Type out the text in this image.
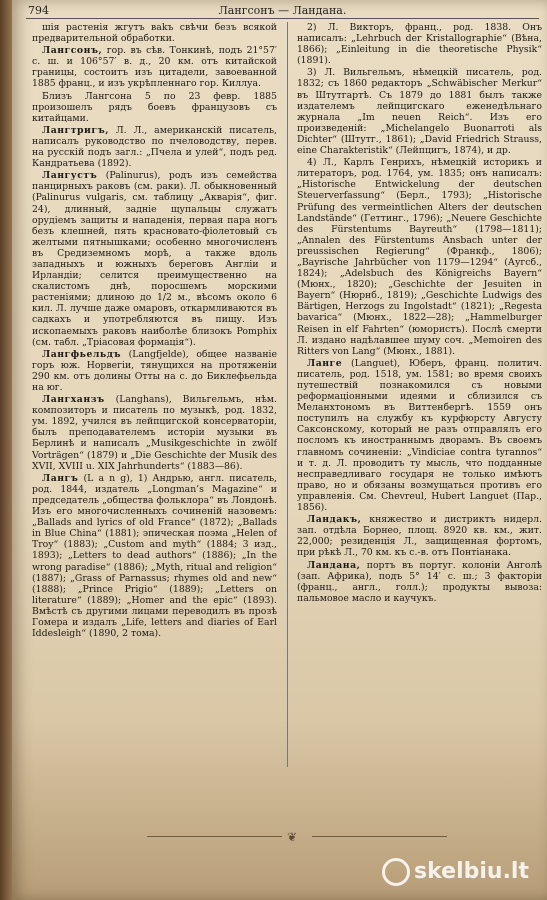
794	Лангсонъ — Ландана.

шія растенія жгутъ ваkъ свѣчи безъ всякой предварительной обработки.

Лангсонъ, гор. въ сѣв. Тонкинѣ, подъ 21°57′ с. ш. и 106°57′ в. д., 20 км. отъ китайской границы, состоитъ изъ цитадели, завоеванной 1885 франц., и изъ укрѣпленнаго гор. Киллуа.

Близъ Лангсона 5 по 23 февр. 1885 произошелъ рядъ боевъ французовъ съ китайцами.

Лангтригъ, Л. Л., американскій писатель, написалъ руководство по пчеловодству, перев. на русскій подъ загл.: „Пчела и улей“, подъ ред. Кандратьева (1892).

Лангустъ (Palinurus), родъ изъ семейства панцирныхъ раковъ (см. раки). Л. обыкновенный (Palinurus vulgaris, см. таблицу „Акварія“, фиг. 24), длинный, задніе щупальцы служатъ орудіемъ защиты и нападенія, первая пара ногъ безъ клешней, пять красновато-фіолетовый съ желтыми пятнышками; особенно многочисленъ въ Средиземномъ морѣ, а также вдоль западныхъ и южныхъ береговъ Англіи и Ирландіи; селится преимущественно на скалистомъ днѣ, поросшемъ морскими растеніями; длиною до 1/2 м., вѣсомъ около 6 кил. Л. лучше даже омаровъ, откармливаются въ садкахъ и употребляются въ пищу. Изъ ископаемыхъ раковъ наиболѣе близокъ Pomphix (см. табл. „Тріасовая формація“).

Лангфьельдъ (Langfjelde), общее названіе горъ юж. Норвегіи, тянущихся на протяженіи 290 км. отъ долины Отты на с. до Биклефьельда на юг.

Лангханзъ (Langhans), Вильгельмъ, нѣм. композиторъ и писатель по музыкѣ, род. 1832, ум. 1892, учился въ лейпцигской консерваторіи, былъ преподавателемъ исторіи музыки въ Берлинѣ и написалъ „Musikgeschichte in zwölf Vorträgen“ (1879) и „Die Geschichte der Musik des XVII, XVIII u. XIX Jahrhunderts“ (1883—86).

Лангъ (L a n g), 1) Андрью, англ. писатель, род. 1844, издатель „Longman’s Magazine“ и председатель „общества фольклора“ въ Лондонѣ. Изъ его многочисленныхъ сочиненій назовемъ: „Ballads and lyrics of old France“ (1872); „Ballads in Blue China“ (1881); эпическая поэма „Helen of Troy“ (1883); „Custom and myth“ (1884; 3 изд., 1893); „Letters to dead authors“ (1886); „In the wrong paradise“ (1886); „Myth, ritual and religion“ (1887); „Grass of Parnassus; rhymes old and new“ (1888); „Prince Prigio“ (1889); „Letters on literature“ (1889); „Homer and the epic“ (1893). Вмѣстѣ съ другими лицами переводилъ въ прозѣ Гомера и издалъ „Life, letters and diaries of Earl Iddesleigh“ (1890, 2 тома).

2) Л. Викторъ, франц., род. 1838. Онъ написалъ: „Lehrbuch der Kristallographie“ (Вѣна, 1866); „Einleitung in die theoretische Physik“ (1891).

3) Л. Вильгельмъ, нѣмецкій писатель, род. 1832; съ 1860 редакторъ „Schwäbischer Merkur“ въ Штутгартѣ. Съ 1879 до 1881 былъ также издателемъ лейпцигскаго еженедѣльнаго журнала „Im neuen Reich“. Изъ его произведеній: „Michelangelo Buonarroti als Dichter“ (Штутг., 1861); „David Friedrich Strauss, eine Charakteristik“ (Лейпцигъ, 1874), и др.

4) Л., Карлъ Генрихъ, нѣмецкій историкъ и литераторъ, род. 1764, ум. 1835; онъ написалъ: „Historische Entwickelung der deutschen Steuerverfassung“ (Берл., 1793); „Historische Prüfung des vermeintlichen Alters der deutschen Landstände“ (Геттинг., 1796); „Neuere Geschichte des Fürstentums Bayreuth“ (1798—1811); „Annalen des Fürstentums Ansbach unter der preussischen Regierung“ (Франкф., 1806); „Bayrische Jahrbücher von 1179—1294“ (Аугсб., 1824); „Adelsbuch des Königreichs Bayern“ (Мюнх., 1820); „Geschichte der Jesuiten in Bayern“ (Нюрнб., 1819); „Geschichte Ludwigs des Bärtigen, Herzogs zu Ingolstadt“ (1821); „Regesta bavarica“ (Мюнх., 1822—28); „Hammelburger Reisen in elf Fahrten“ (юмористъ). Послѣ смерти Л. издано надѣлавшее шуму соч. „Memoiren des Ritters von Lang“ (Мюнх., 1881).

Ланге (Languet), Юберъ, франц. политич. писатель, род. 1518, ум. 1581; во время своихъ путешествій познакомился съ новыми реформаціонными идеями и сблизился съ Меланхтономъ въ Виттенбергѣ. 1559 онъ поступилъ на службу къ курфюрсту Августу Саксонскому, который не разъ отправлялъ его посломъ къ иностраннымъ дворамъ. Въ своемъ главномъ сочиненіи: „Vindiciae contra tyrannos“ и т. д. Л. проводитъ ту мысль, что подданные несправедливаго государя не только имѣютъ право, но и обязаны возмущаться противъ его управленія. См. Chevreul, Hubert Languet (Пар., 1856).

Ландакъ, княжество и дистриктъ нидерл. зап. отдѣла Борнео, площ. 8920 кв. км., жит. 22,000; резиденція Л., защищенная фортомъ, при рѣкѣ Л., 70 км. къ с.-в. отъ Понтіанака.

Ландана, портъ въ португ. колоніи Анголѣ (зап. Африка), подъ 5° 14′ с. ш.; 3 факторіи (франц., англ., голл.); продукты вывоза: пальмовое масло и каучукъ.

❦
skelbiu.lt
